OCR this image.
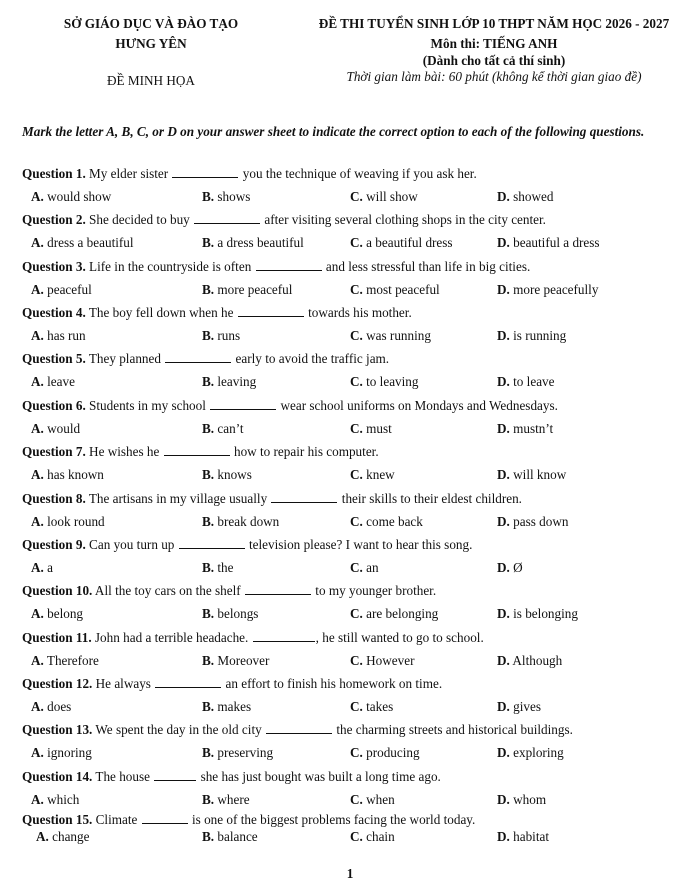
SỞ GIÁO DỤC VÀ ĐÀO TẠO
HƯNG YÊN
ĐỀ MINH HỌA
ĐỀ THI TUYỂN SINH LỚP 10 THPT NĂM HỌC 2026 - 2027
Môn thi: TIẾNG ANH
(Dành cho tất cả thí sinh)
Thời gian làm bài: 60 phút (không kể thời gian giao đề)
Mark the letter A, B, C, or D on your answer sheet to indicate the correct option to each of the following questions.
Question 1. My elder sister	you the technique of weaving if you ask her.
A. would show	B. shows	C. will show	D. showed
Question 2. She decided to buy	after visiting several clothing shops in the city center.
A. dress a beautiful	B. a dress beautiful	C. a beautiful dress	D. beautiful a dress
Question 3. Life in the countryside is often	and less stressful than life in big cities.
A. peaceful	B. more peaceful	C. most peaceful	D. more peacefully
Question 4. The boy fell down when he	towards his mother.
A. has run	B. runs	C. was running	D. is running
Question 5. They planned	early to avoid the traffic jam.
A. leave	B. leaving	C. to leaving	D. to leave
Question 6. Students in my school	wear school uniforms on Mondays and Wednesdays.
A. would	B. can’t	C. must	D. mustn’t
Question 7. He wishes he	how to repair his computer.
A. has known	B. knows	C. knew	D. will know
Question 8. The artisans in my village usually	their skills to their eldest children.
A. look round	B. break down	C. come back	D. pass down
Question 9. Can you turn up	television please? I want to hear this song.
A. a	B. the	C. an	D. Ø
Question 10. All the toy cars on the shelf	to my younger brother.
A. belong	B. belongs	C. are belonging	D. is belonging
Question 11. John had a terrible headache.	, he still wanted to go to school.
A. Therefore	B. Moreover	C. However	D. Although
Question 12. He always	an effort to finish his homework on time.
A. does	B. makes	C. takes	D. gives
Question 13. We spent the day in the old city	the charming streets and historical buildings.
A. ignoring	B. preserving	C. producing	D. exploring
Question 14. The house	she has just bought was built a long time ago.
A. which	B. where	C. when	D. whom
Question 15. Climate	is one of the biggest problems facing the world today.
A. change	B. balance	C. chain	D. habitat
1
